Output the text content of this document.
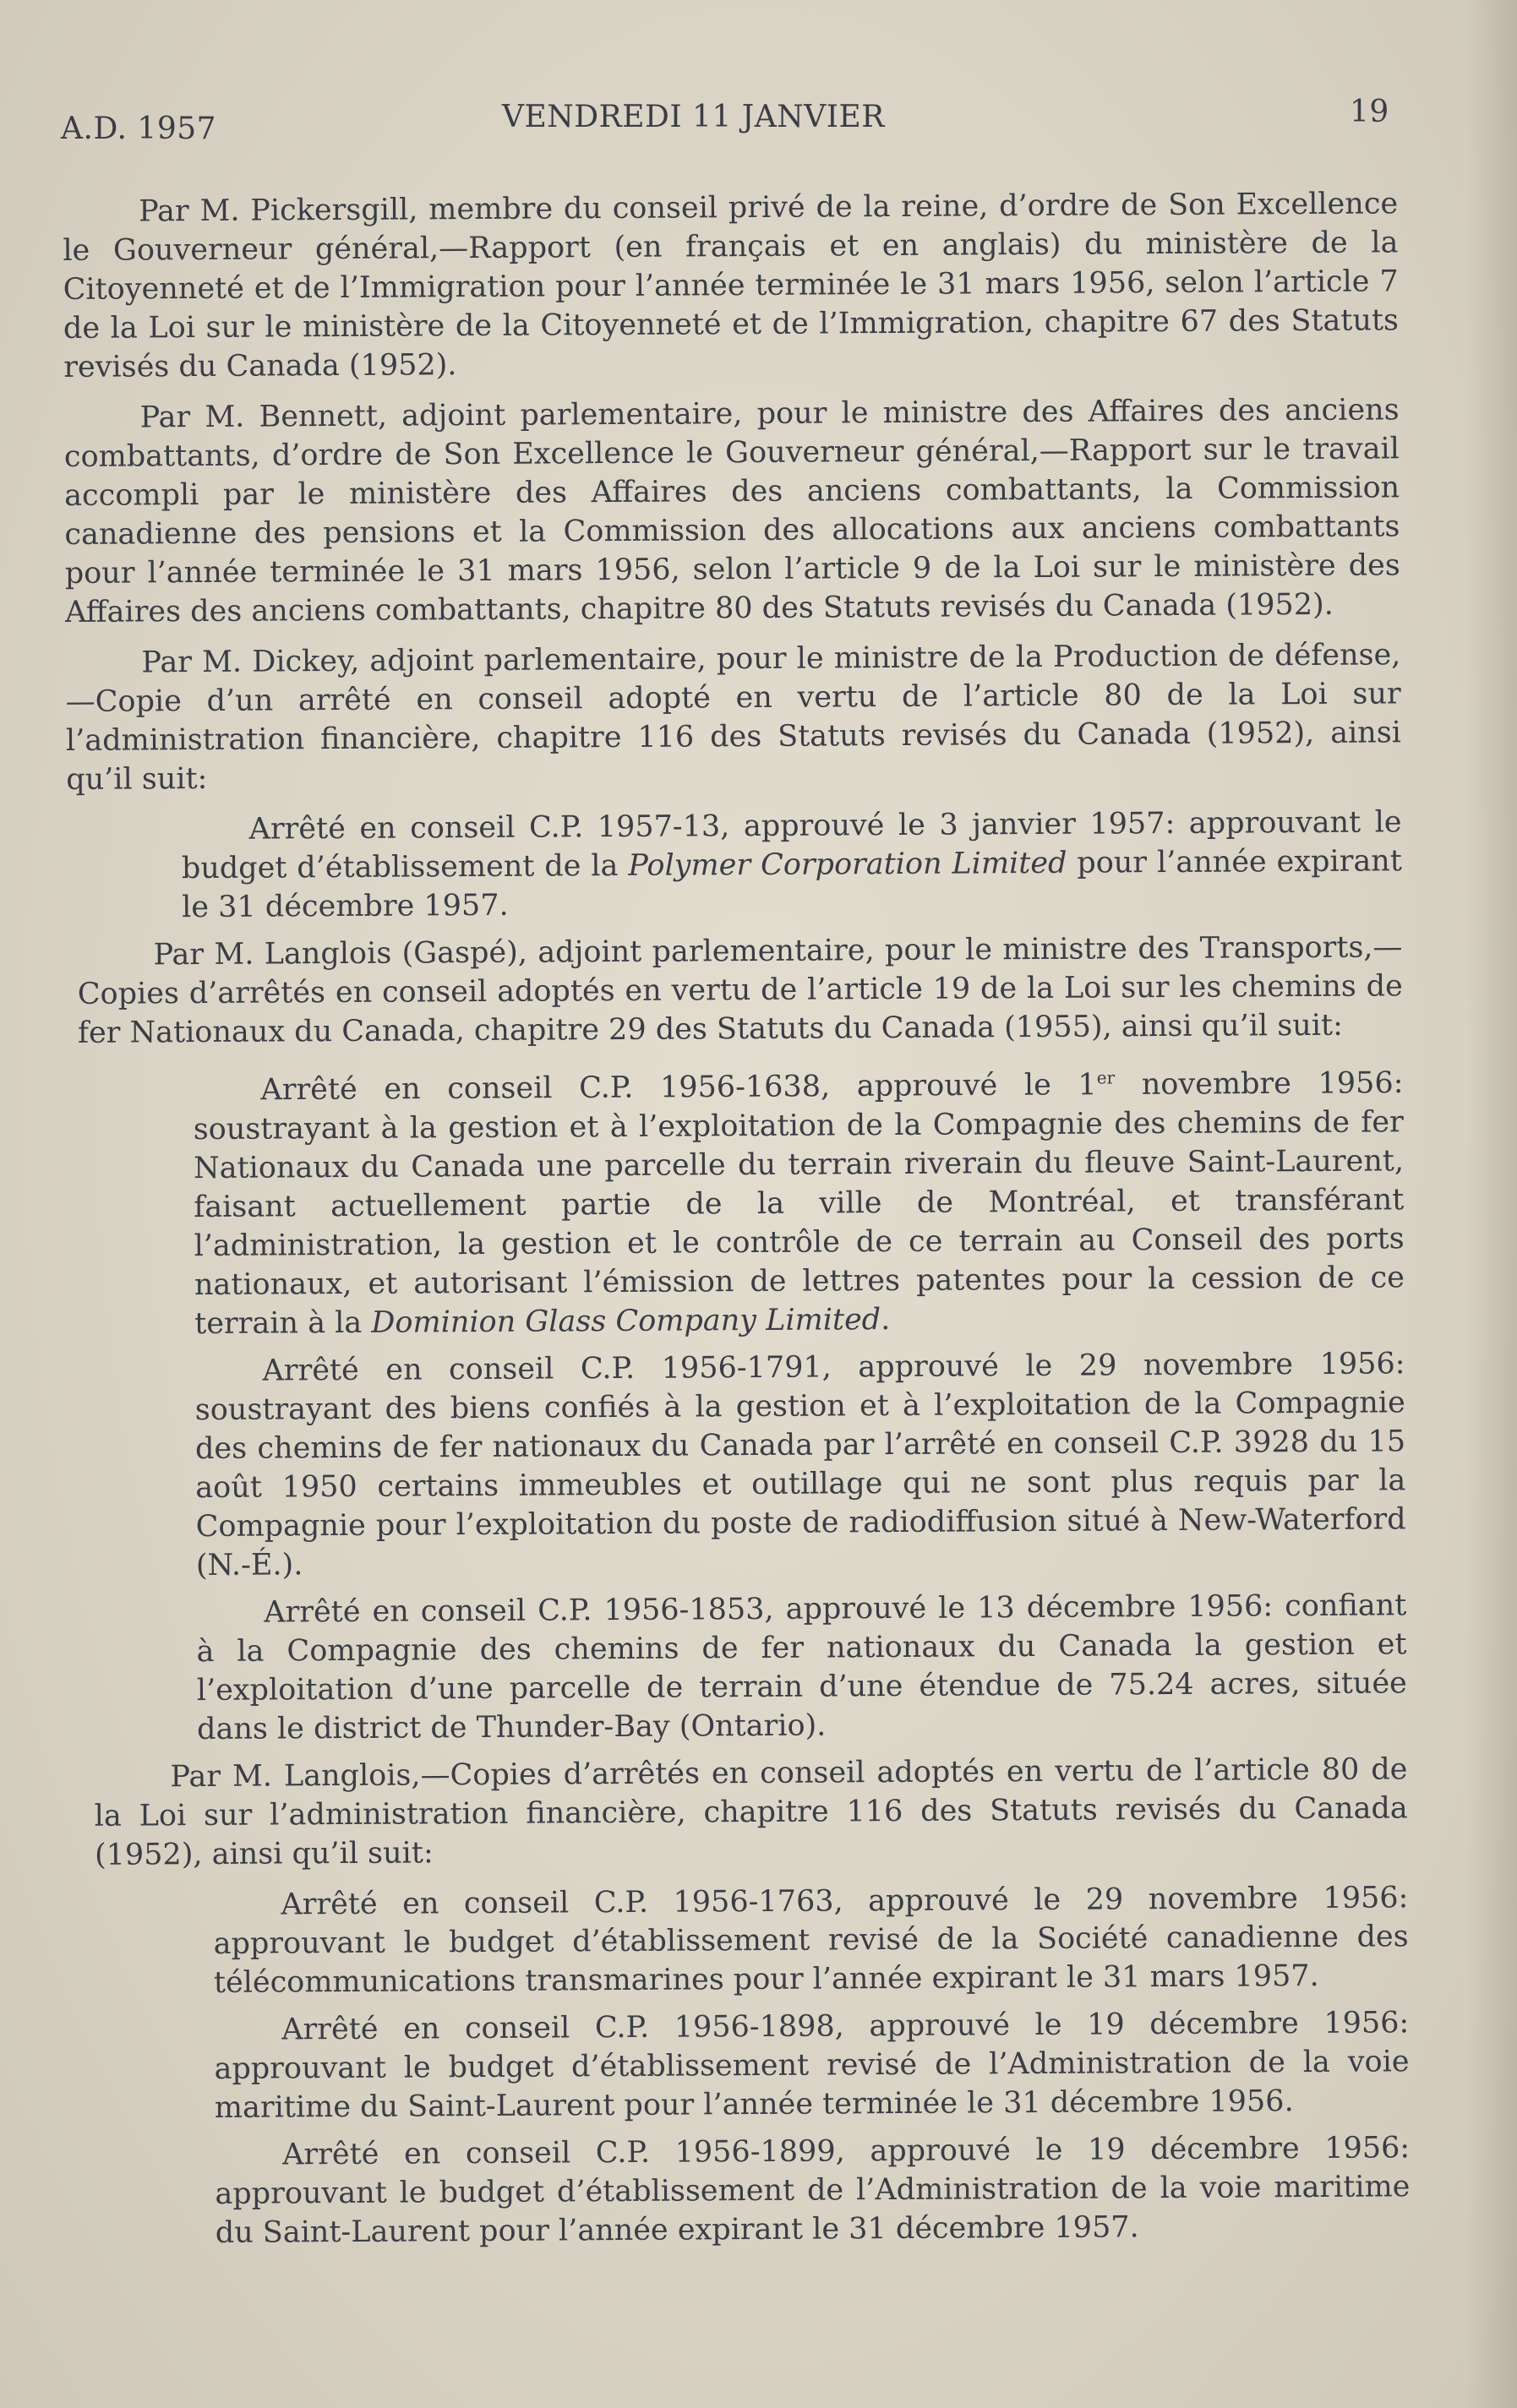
A.D. 1957	VENDREDI 11 JANVIER	19

Par M. Pickersgill, membre du conseil privé de la reine, d’ordre de Son Excellence le Gouverneur général,—Rapport (en français et en anglais) du ministère de la Citoyenneté et de l’Immigration pour l’année terminée le 31 mars 1956, selon l’article 7 de la Loi sur le ministère de la Citoyenneté et de l’Immigration, chapitre 67 des Statuts revisés du Canada (1952).

Par M. Bennett, adjoint parlementaire, pour le ministre des Affaires des anciens combattants, d’ordre de Son Excellence le Gouverneur général,—Rapport sur le travail accompli par le ministère des Affaires des anciens combattants, la Commission canadienne des pensions et la Commission des allocations aux anciens combattants pour l’année terminée le 31 mars 1956, selon l’article 9 de la Loi sur le ministère des Affaires des anciens combattants, chapitre 80 des Statuts revisés du Canada (1952).

Par M. Dickey, adjoint parlementaire, pour le ministre de la Production de défense,—Copie d’un arrêté en conseil adopté en vertu de l’article 80 de la Loi sur l’administration financière, chapitre 116 des Statuts revisés du Canada (1952), ainsi qu’il suit:

Arrêté en conseil C.P. 1957-13, approuvé le 3 janvier 1957: approuvant le budget d’établissement de la Polymer Corporation Limited pour l’année expirant le 31 décembre 1957.

Par M. Langlois (Gaspé), adjoint parlementaire, pour le ministre des Transports,—Copies d’arrêtés en conseil adoptés en vertu de l’article 19 de la Loi sur les chemins de fer Nationaux du Canada, chapitre 29 des Statuts du Canada (1955), ainsi qu’il suit:

Arrêté en conseil C.P. 1956-1638, approuvé le 1er novembre 1956: soustrayant à la gestion et à l’exploitation de la Compagnie des chemins de fer Nationaux du Canada une parcelle du terrain riverain du fleuve Saint-Laurent, faisant actuellement partie de la ville de Montréal, et transférant l’administration, la gestion et le contrôle de ce terrain au Conseil des ports nationaux, et autorisant l’émission de lettres patentes pour la cession de ce terrain à la Dominion Glass Company Limited.

Arrêté en conseil C.P. 1956-1791, approuvé le 29 novembre 1956: soustrayant des biens confiés à la gestion et à l’exploitation de la Compagnie des chemins de fer nationaux du Canada par l’arrêté en conseil C.P. 3928 du 15 août 1950 certains immeubles et outillage qui ne sont plus requis par la Compagnie pour l’exploitation du poste de radiodiffusion situé à New-Waterford (N.-É.).

Arrêté en conseil C.P. 1956-1853, approuvé le 13 décembre 1956: confiant à la Compagnie des chemins de fer nationaux du Canada la gestion et l’exploitation d’une parcelle de terrain d’une étendue de 75.24 acres, située dans le district de Thunder-Bay (Ontario).

Par M. Langlois,—Copies d’arrêtés en conseil adoptés en vertu de l’article 80 de la Loi sur l’administration financière, chapitre 116 des Statuts revisés du Canada (1952), ainsi qu’il suit:

Arrêté en conseil C.P. 1956-1763, approuvé le 29 novembre 1956: approuvant le budget d’établissement revisé de la Société canadienne des télécommunications transmarines pour l’année expirant le 31 mars 1957.

Arrêté en conseil C.P. 1956-1898, approuvé le 19 décembre 1956: approuvant le budget d’établissement revisé de l’Administration de la voie maritime du Saint-Laurent pour l’année terminée le 31 décembre 1956.

Arrêté en conseil C.P. 1956-1899, approuvé le 19 décembre 1956: approuvant le budget d’établissement de l’Administration de la voie maritime du Saint-Laurent pour l’année expirant le 31 décembre 1957.
